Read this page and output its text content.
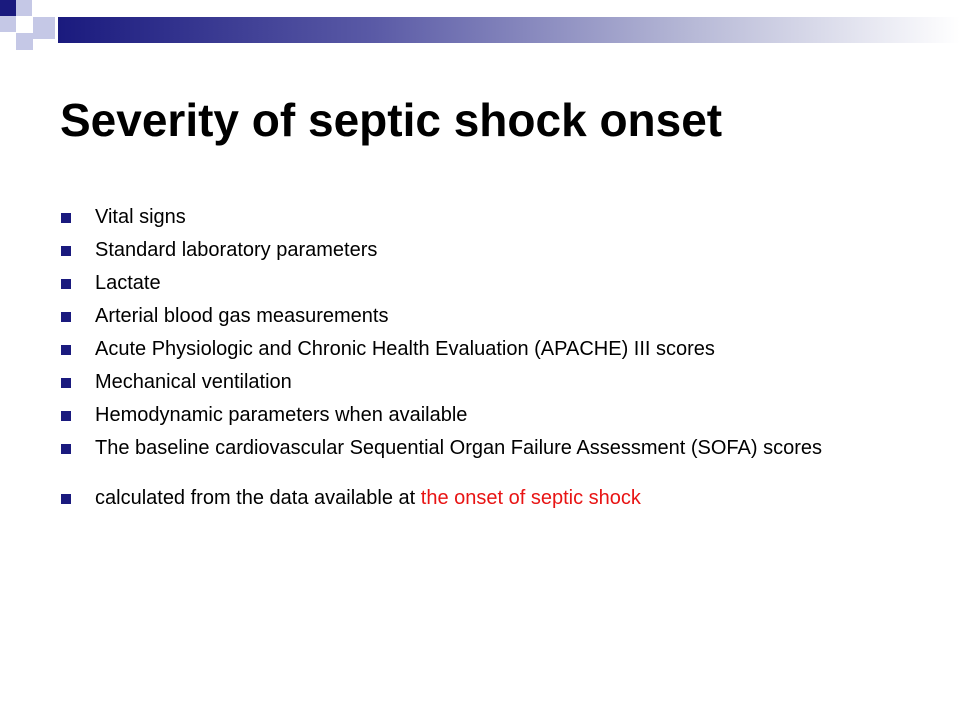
Severity of septic shock onset
Vital signs
Standard laboratory parameters
Lactate
Arterial blood gas measurements
Acute Physiologic and Chronic Health Evaluation (APACHE) III scores
Mechanical ventilation
Hemodynamic parameters when available
The baseline cardiovascular Sequential Organ Failure Assessment (SOFA) scores
calculated from the data available at the onset of septic shock
